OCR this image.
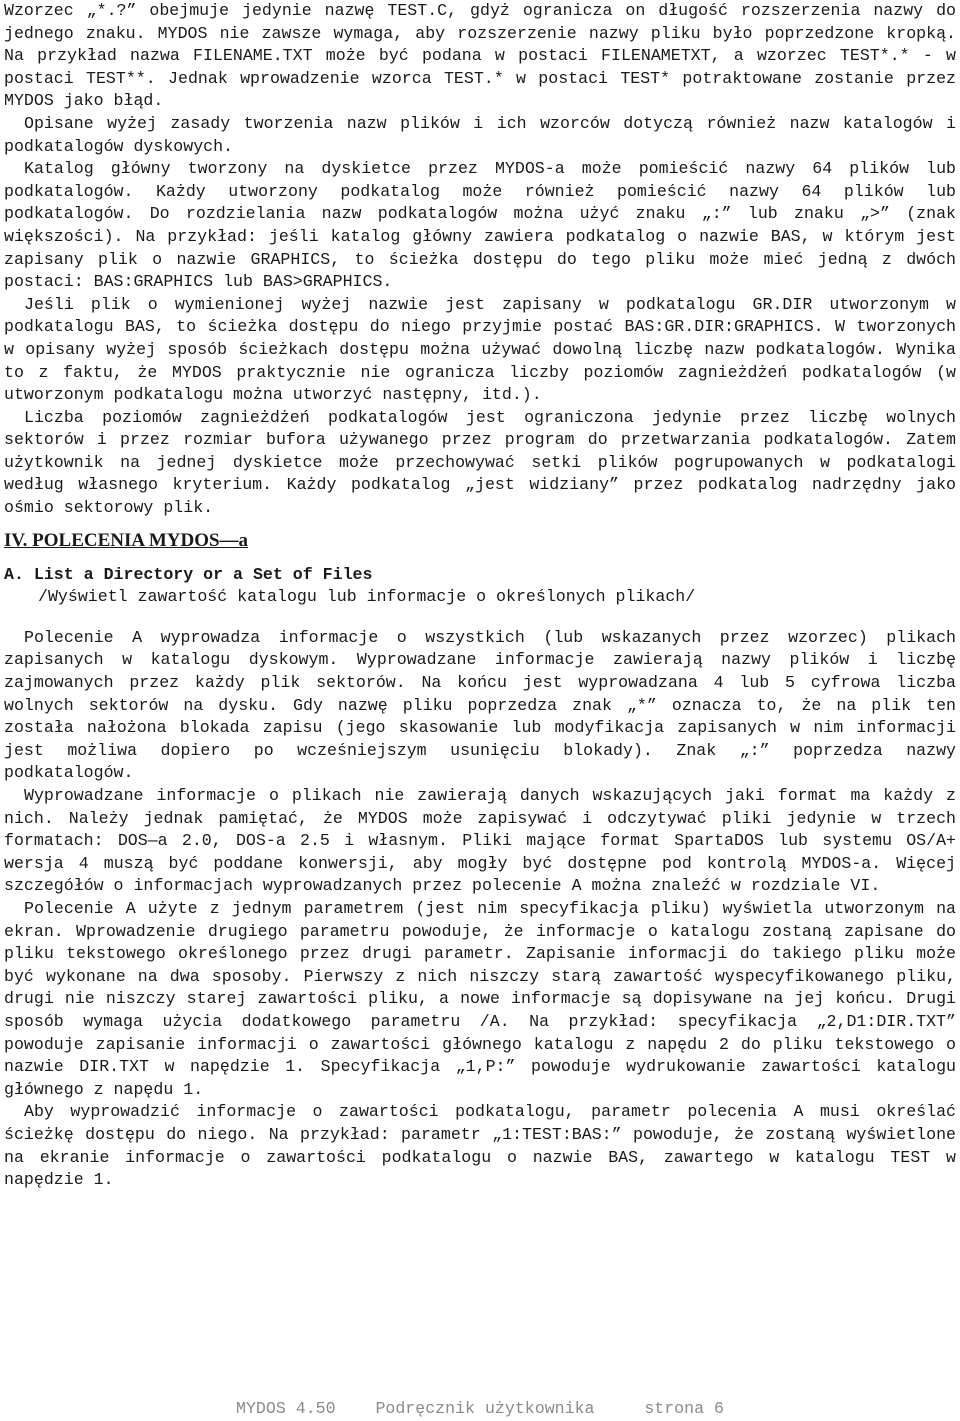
Wzorzec „*.?” obejmuje jedynie nazwę TEST.C, gdyż ogranicza on długość rozszerzenia nazwy do jednego znaku. MYDOS nie zawsze wymaga, aby rozszerzenie nazwy pliku było poprzedzone kropką. Na przykład nazwa FILENAME.TXT może być podana w postaci FILENAMETXT, a wzorzec TEST*.* - w postaci TEST**. Jednak wprowadzenie wzorca TEST.* w postaci TEST* potraktowane zostanie przez MYDOS jako błąd.

Opisane wyżej zasady tworzenia nazw plików i ich wzorców dotyczą również nazw katalogów i podkatalogów dyskowych.

Katalog główny tworzony na dyskietce przez MYDOS-a może pomieścić nazwy 64 plików lub podkatalogów. Każdy utworzony podkatalog może również pomieścić nazwy 64 plików lub podkatalogów. Do rozdzielania nazw podkatalogów można użyć znaku „:” lub znaku „>” (znak większości). Na przykład: jeśli katalog główny zawiera podkatalog o nazwie BAS, w którym jest zapisany plik o nazwie GRAPHICS, to ścieżka dostępu do tego pliku może mieć jedną z dwóch postaci: BAS:GRAPHICS lub BAS>GRAPHICS.

Jeśli plik o wymienionej wyżej nazwie jest zapisany w podkatalogu GR.DIR utworzonym w podkatalogu BAS, to ścieżka dostępu do niego przyjmie postać BAS:GR.DIR:GRAPHICS. W tworzonych w opisany wyżej sposób ścieżkach dostępu można używać dowolną liczbę nazw podkatalogów. Wynika to z faktu, że MYDOS praktycznie nie ogranicza liczby poziomów zagnieżdżeń podkatalogów (w utworzonym podkatalogu można utworzyć następny, itd.).

Liczba poziomów zagnieżdżeń podkatalogów jest ograniczona jedynie przez liczbę wolnych sektorów i przez rozmiar bufora używanego przez program do przetwarzania podkatalogów. Zatem użytkownik na jednej dyskietce może przechowywać setki plików pogrupowanych w podkatalogi według własnego kryterium. Każdy podkatalog „jest widziany” przez podkatalog nadrzędny jako ośmio sektorowy plik.

IV. POLECENIA MYDOS—a
A. List a Directory or a Set of Files
/Wyświetl zawartość katalogu lub informacje o określonych plikach/

Polecenie A wyprowadza informacje o wszystkich (lub wskazanych przez wzorzec) plikach zapisanych w katalogu dyskowym. Wyprowadzane informacje zawierają nazwy plików i liczbę zajmowanych przez każdy plik sektorów. Na końcu jest wyprowadzana 4 lub 5 cyfrowa liczba wolnych sektorów na dysku. Gdy nazwę pliku poprzedza znak „*” oznacza to, że na plik ten została nałożona blokada zapisu (jego skasowanie lub modyfikacja zapisanych w nim informacji jest możliwa dopiero po wcześniejszym usunięciu blokady). Znak „:” poprzedza nazwy podkatalogów.

Wyprowadzane informacje o plikach nie zawierają danych wskazujących jaki format ma każdy z nich. Należy jednak pamiętać, że MYDOS może zapisywać i odczytywać pliki jedynie w trzech formatach: DOS—a 2.0, DOS-a 2.5 i własnym. Pliki mające format SpartaDOS lub systemu OS/A+ wersja 4 muszą być poddane konwersji, aby mogły być dostępne pod kontrolą MYDOS-a. Więcej szczegółów o informacjach wyprowadzanych przez polecenie A można znaleźć w rozdziale VI.

Polecenie A użyte z jednym parametrem (jest nim specyfikacja pliku) wyświetla utworzonym na ekran. Wprowadzenie drugiego parametru powoduje, że informacje o katalogu zostaną zapisane do pliku tekstowego określonego przez drugi parametr. Zapisanie informacji do takiego pliku może być wykonane na dwa sposoby. Pierwszy z nich niszczy starą zawartość wyspecyfikowanego pliku, drugi nie niszczy starej zawartości pliku, a nowe informacje są dopisywane na jej końcu. Drugi sposób wymaga użycia dodatkowego parametru /A. Na przykład: specyfikacja „2,D1:DIR.TXT” powoduje zapisanie informacji o zawartości głównego katalogu z napędu 2 do pliku tekstowego o nazwie DIR.TXT w napędzie 1. Specyfikacja „1,P:” powoduje wydrukowanie zawartości katalogu głównego z napędu 1.

Aby wyprowadzić informacje o zawartości podkatalogu, parametr polecenia A musi określać ścieżkę dostępu do niego. Na przykład: parametr „1:TEST:BAS:” powoduje, że zostaną wyświetlone na ekranie informacje o zawartości podkatalogu o nazwie BAS, zawartego w katalogu TEST w napędzie 1.

MYDOS 4.50 Podręcznik użytkownika	strona 6
